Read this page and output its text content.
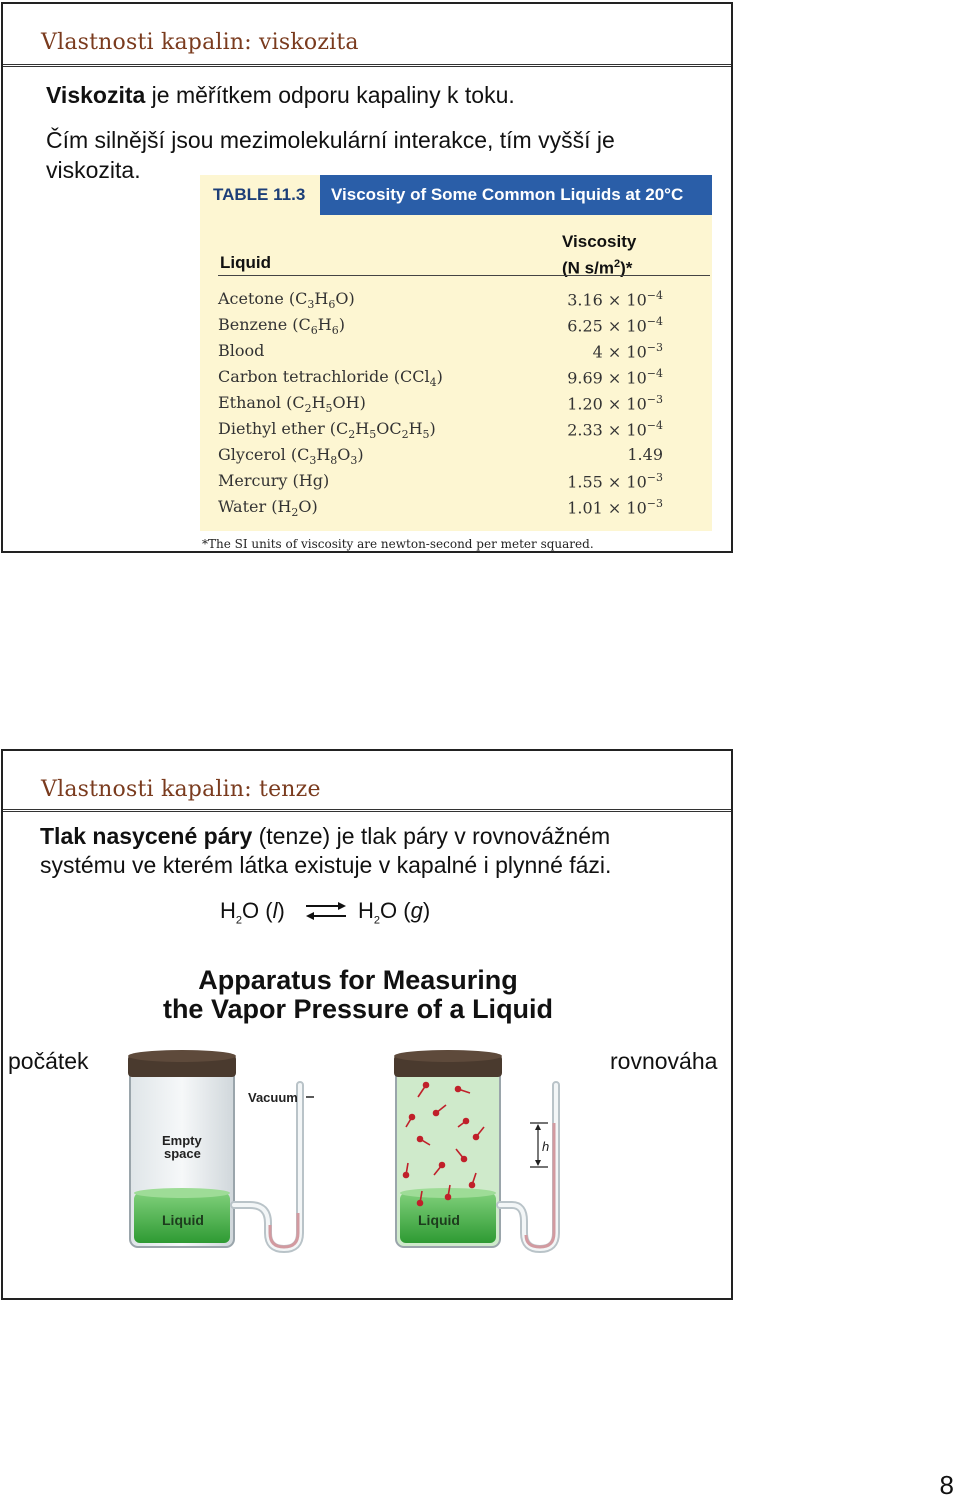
Vlastnosti kapalin: viskozita
Viskozita je měřítkem odporu kapaliny k toku.
Čím silnější jsou mezimolekulární interakce, tím vyšší je
viskozita.
TABLE 11.3	Viscosity of Some Common Liquids at 20°C
Liquid
Viscosity
(N $s/m^2)*$
Acetone $(C_3H_6O)$	$3.16 \times 10^{-4}$
Benzene $(C_6H_6)$	$6.25 \times 10^{-4}$
Blood	$4 \times 10^{-3}$
Carbon tetrachloride (CCl$_4$)	$9.69 \times 10^{-4}$
Ethanol $(C_2H_5OH)$	$1.20 \times 10^{-3}$
Diethyl ether $(C_2H_5OC_2H_5)$	$2.33 \times 10^{-4}$
Glycerol $(C_3H_8O_3)$	1.49
Mercury (Hg)	$1.55 \times 10^{-3}$
Water $(H_2O)$	$1.01 \times 10^{-3}$
*The SI units of viscosity are newton-second per meter squared.
Vlastnosti kapalin: tenze
Tlak nasycené páry (tenze) je tlak páry v rovnovážném
systému ve kterém látka existuje v kapalné i plynné fázi.
$H_2O$ (l) ⇌ $H_2O$ (g)
Apparatus for Measuring
the Vapor Pressure of a Liquid
počátek	rovnováha
Vacuum
Empty
space
Liquid
h
Liquid
8
